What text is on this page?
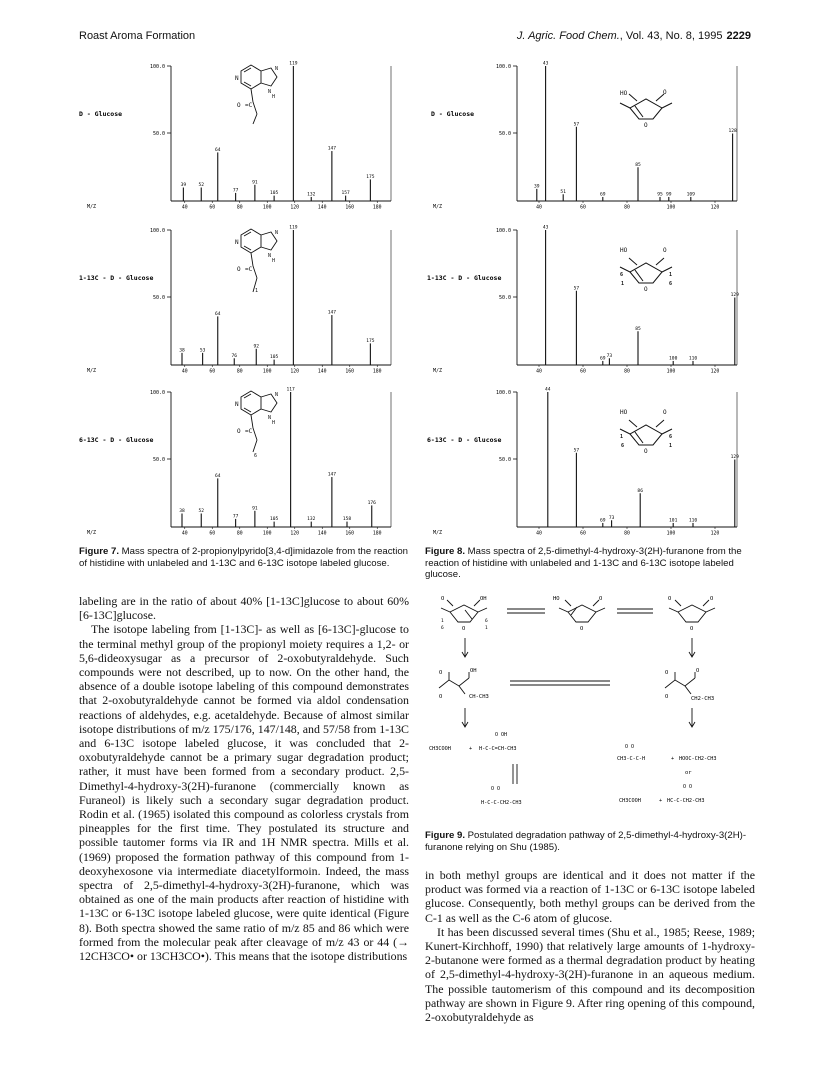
Roast Aroma Formation	J. Agric. Food Chem., Vol. 43, No. 8, 1995 2229
100.0
50.0
M/Z
D - Glucose
40	60	80	100	120	140	160	180
39	52
64
77
91
105
119
132
147
157
175
N
N
N
H
O =C
100.0
50.0
M/Z
1-13C - D - Glucose
40	60	80	100	120	140	160	180
38	53
64
76
92
105
119
147
175
N
N
N
H
O =C
1
100.0
50.0
M/Z
6-13C - D - Glucose
40	60	80	100	120	140	160	180
38	52
64
77
91
105
117
132
147
158
176
N
N
N
H
O =C
6
100.0
50.0
M/Z
D - Glucose
40	60	80	100	120
39
43
51
57
69
85
95 99	109
128
HO	O
O
100.0
50.0
M/Z
1-13C - D - Glucose
40	60	80	100	120
43
57
73
69
85
100 110
129
HO	O
O
6
1
1
6
100.0
50.0
M/Z
6-13C - D - Glucose
40	60	80	100	120
44
57
73
69
86
101 110
129
HO	O
O
1
6
6
1
Figure 7. Mass spectra of 2-propionylpyrido[3,4-d]imidazole from the reaction of histidine with unlabeled and 1-13C and 6-13C isotope labeled glucose.
Figure 8. Mass spectra of 2,5-dimethyl-4-hydroxy-3(2H)-furanone from the reaction of histidine with unlabeled and 1-13C and 6-13C isotope labeled glucose.
O	OH
O
1
6
6
1
HO	O
O
O	O
O
O	OH
O	CH-CH3
O	O
O	CH2-CH3
CH3COOH	+ H-C-C=CH-CH3
O OH
O O
H-C-C-CH2-CH3
O O
CH3-C-C-H	+ HOOC-CH2-CH3
or
O O
CH3COOH	+ HC-C-CH2-CH3
Figure 9. Postulated degradation pathway of 2,5-dimethyl-4-hydroxy-3(2H)-furanone relying on Shu (1985).

labeling are in the ratio of about 40% [1-13C]glucose to about 60% [6-13C]glucose.

The isotope labeling from [1-13C]- as well as [6-13C]-glucose to the terminal methyl group of the propionyl moiety requires a 1,2- or 5,6-dideoxysugar as a precursor of 2-oxobutyraldehyde. Such compounds were not described, up to now. On the other hand, the absence of a double isotope labeling of this compound demonstrates that 2-oxobutyraldehyde cannot be formed via aldol condensation reactions of aldehydes, e.g. acetaldehyde. Because of almost similar isotope distributions of m/z 175/176, 147/148, and 57/58 from 1-13C and 6-13C isotope labeled glucose, it was concluded that 2-oxobutyraldehyde cannot be a primary sugar degradation product; rather, it must have been formed from a secondary product. 2,5-Dimethyl-4-hydroxy-3(2H)-furanone (commercially known as Furaneol) is likely such a secondary sugar degradation product. Rodin et al. (1965) isolated this compound as colorless crystals from pineapples for the first time. They postulated its structure and possible tautomer forms via IR and 1H NMR spectra. Mills et al. (1969) proposed the formation pathway of this compound from 1-deoxyhexosone via intermediate diacetylformoin. Indeed, the mass spectra of 2,5-dimethyl-4-hydroxy-3(2H)-furanone, which was obtained as one of the main products after reaction of histidine with 1-13C or 6-13C isotope labeled glucose, were quite identical (Figure 8). Both spectra showed the same ratio of m/z 85 and 86 which were formed from the molecular peak after cleavage of m/z 43 or 44 (→ 12CH3CO• or 13CH3CO•). This means that the isotope distributions

in both methyl groups are identical and it does not matter if the product was formed via a reaction of 1-13C or 6-13C isotope labeled glucose. Consequently, both methyl groups can be derived from the C-1 as well as the C-6 atom of glucose.

It has been discussed several times (Shu et al., 1985; Reese, 1989; Kunert-Kirchhoff, 1990) that relatively large amounts of 1-hydroxy-2-butanone were formed as a thermal degradation product by heating of 2,5-dimethyl-4-hydroxy-3(2H)-furanone in an aqueous medium. The possible tautomerism of this compound and its decomposition pathway are shown in Figure 9. After ring opening of this compound, 2-oxobutyraldehyde as
